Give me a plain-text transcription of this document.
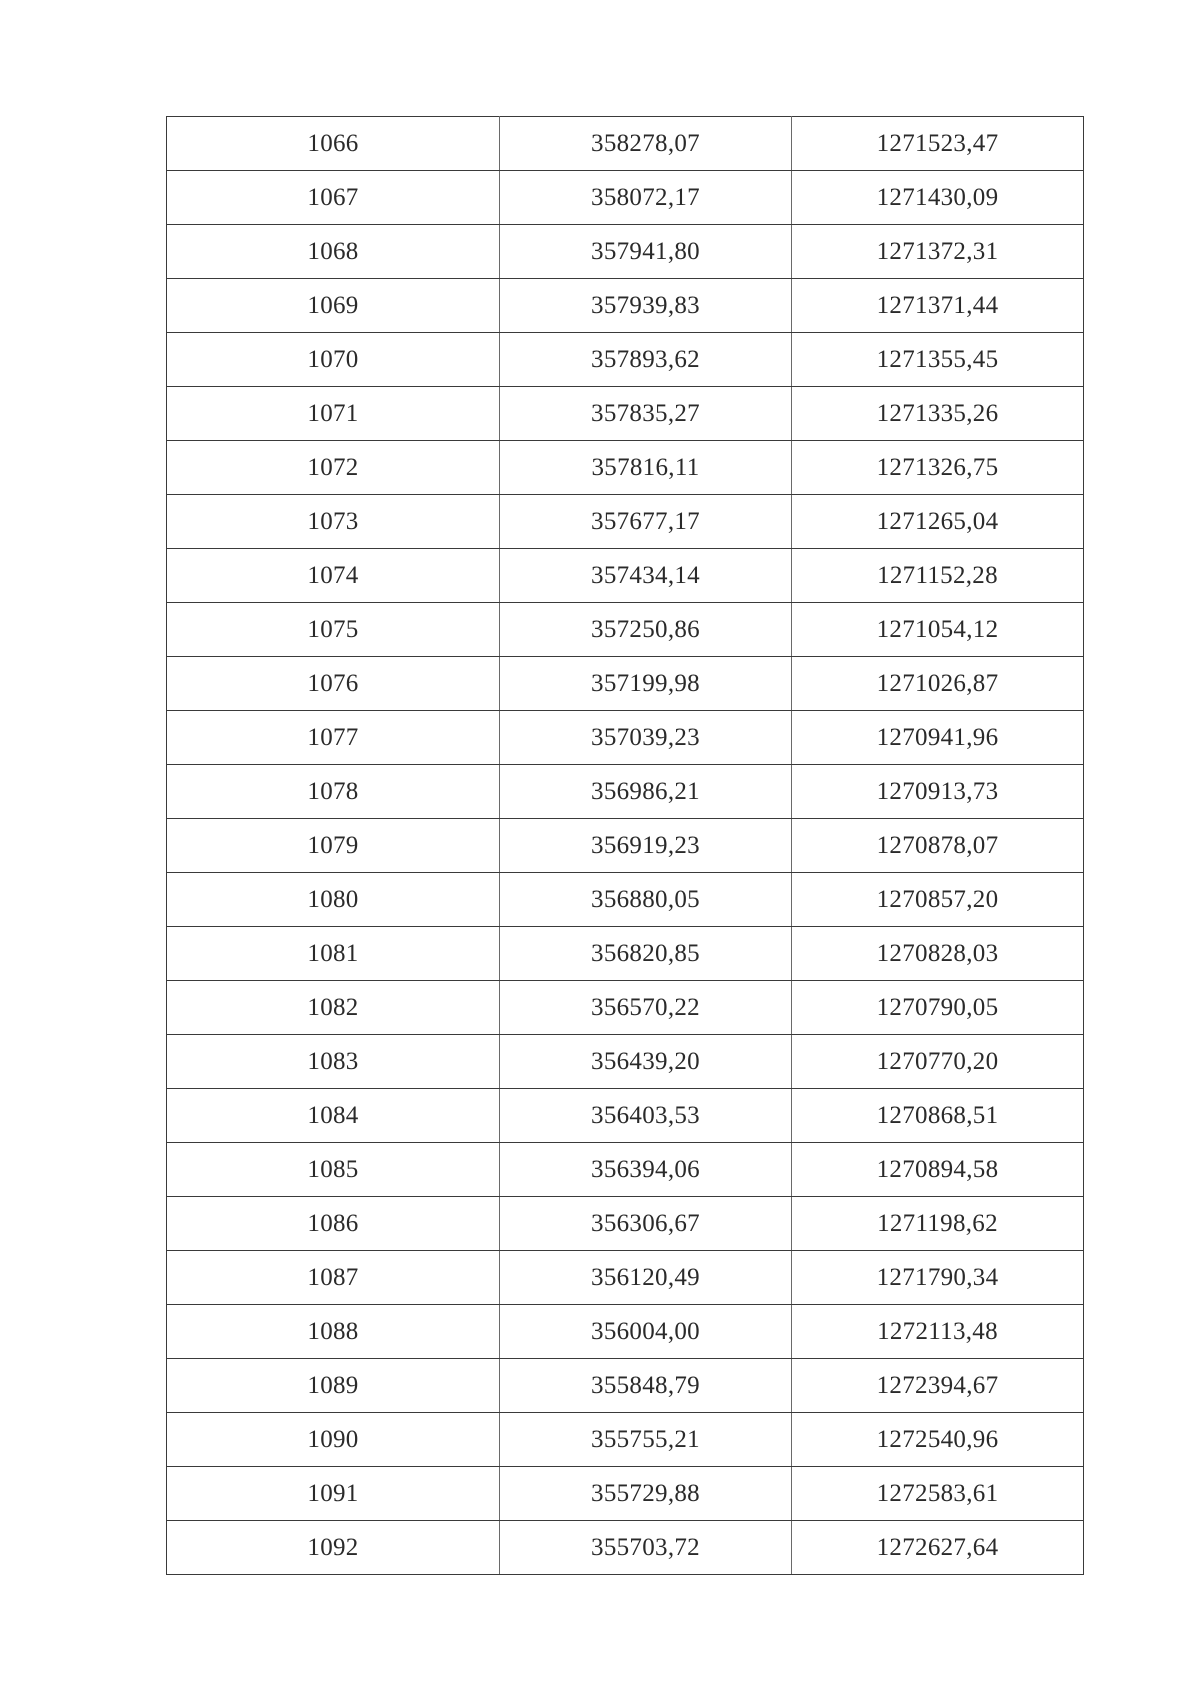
1066	358278,07	1271523,47
1067	358072,17	1271430,09
1068	357941,80	1271372,31
1069	357939,83	1271371,44
1070	357893,62	1271355,45
1071	357835,27	1271335,26
1072	357816,11	1271326,75
1073	357677,17	1271265,04
1074	357434,14	1271152,28
1075	357250,86	1271054,12
1076	357199,98	1271026,87
1077	357039,23	1270941,96
1078	356986,21	1270913,73
1079	356919,23	1270878,07
1080	356880,05	1270857,20
1081	356820,85	1270828,03
1082	356570,22	1270790,05
1083	356439,20	1270770,20
1084	356403,53	1270868,51
1085	356394,06	1270894,58
1086	356306,67	1271198,62
1087	356120,49	1271790,34
1088	356004,00	1272113,48
1089	355848,79	1272394,67
1090	355755,21	1272540,96
1091	355729,88	1272583,61
1092	355703,72	1272627,64
